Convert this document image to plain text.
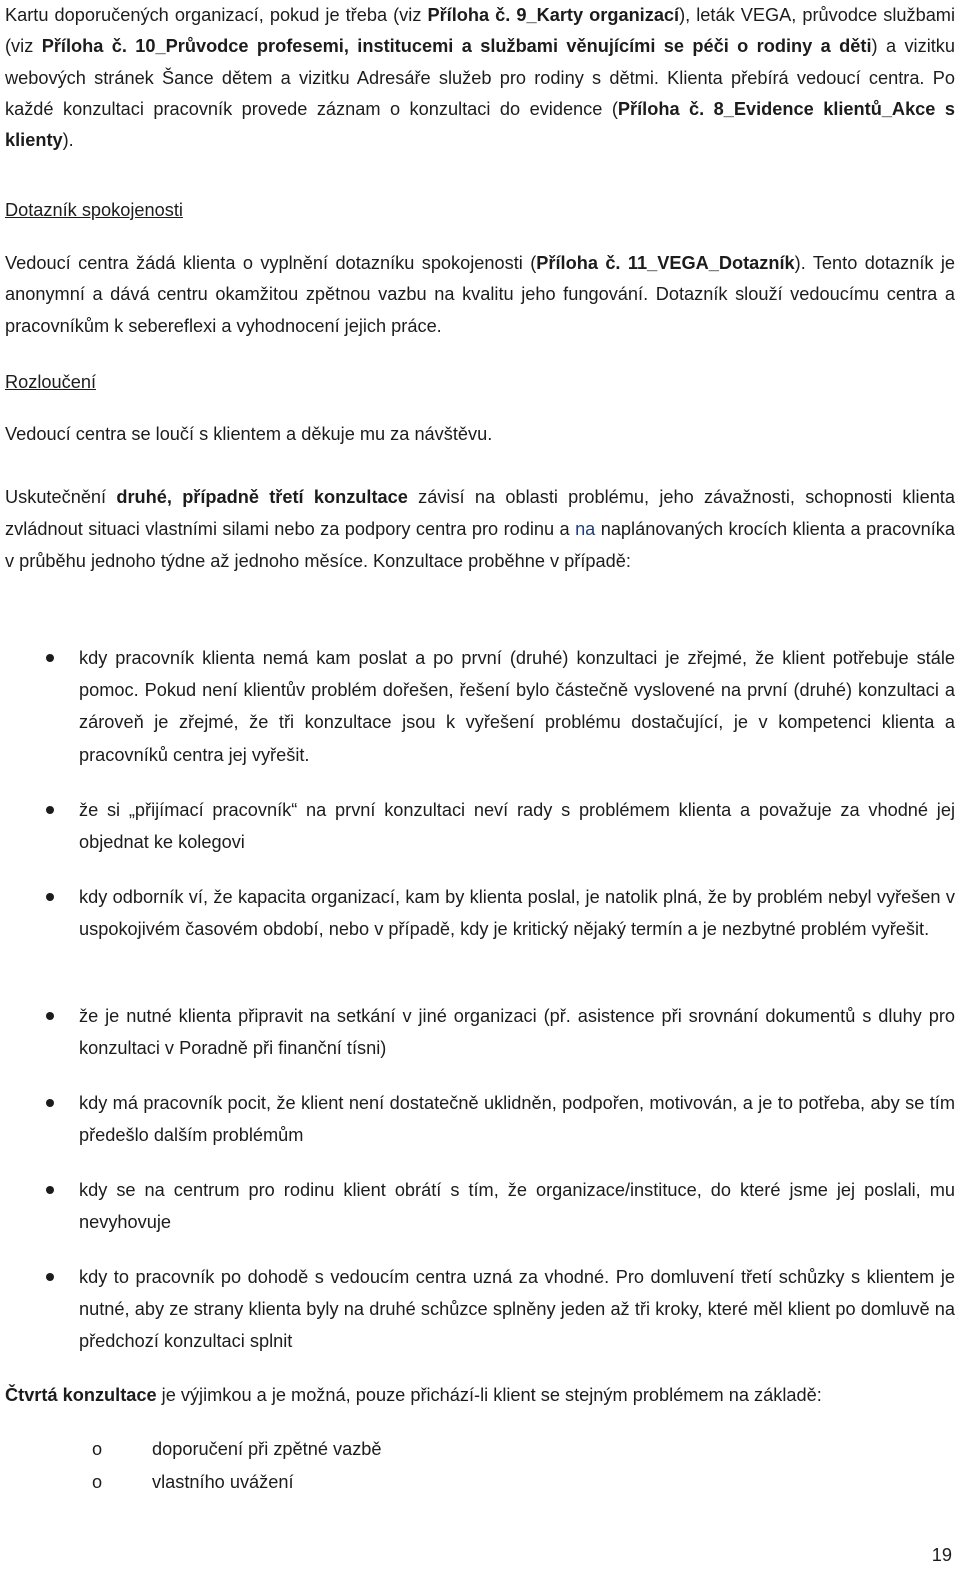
Kartu doporučených organizací, pokud je třeba (viz Příloha č. 9_Karty organizací), leták VEGA, průvodce službami (viz Příloha č. 10_Průvodce profesemi, institucemi a službami věnujícími se péči o rodiny a děti) a vizitku webových stránek Šance dětem a vizitku Adresáře služeb pro rodiny s dětmi. Klienta přebírá vedoucí centra. Po každé konzultaci pracovník provede záznam o konzultaci do evidence (Příloha č. 8_Evidence klientů_Akce s klienty).

Dotazník spokojenosti

Vedoucí centra žádá klienta o vyplnění dotazníku spokojenosti (Příloha č. 11_VEGA_Dotazník). Tento dotazník je anonymní a dává centru okamžitou zpětnou vazbu na kvalitu jeho fungování. Dotazník slouží vedoucímu centra a pracovníkům k sebereflexi a vyhodnocení jejich práce.

Rozloučení

Vedoucí centra se loučí s klientem a děkuje mu za návštěvu.

Uskutečnění druhé, případně třetí konzultace závisí na oblasti problému, jeho závažnosti, schopnosti klienta zvládnout situaci vlastními silami nebo za podpory centra pro rodinu a na naplánovaných krocích klienta a pracovníka v průběhu jednoho týdne až jednoho měsíce. Konzultace proběhne v případě:

kdy pracovník klienta nemá kam poslat a po první (druhé) konzultaci je zřejmé, že klient potřebuje stále pomoc. Pokud není klientův problém dořešen, řešení bylo částečně vyslovené na první (druhé) konzultaci a zároveň je zřejmé, že tři konzultace jsou k vyřešení problému dostačující, je v kompetenci klienta a pracovníků centra jej vyřešit.
že si „přijímací pracovník“ na první konzultaci neví rady s problémem klienta a považuje za vhodné jej objednat ke kolegovi
kdy odborník ví, že kapacita organizací, kam by klienta poslal, je natolik plná, že by problém nebyl vyřešen v uspokojivém časovém období, nebo v případě, kdy je kritický nějaký termín a je nezbytné problém vyřešit.
že je nutné klienta připravit na setkání v jiné organizaci (př. asistence při srovnání dokumentů s dluhy pro konzultaci v Poradně při finanční tísni)
kdy má pracovník pocit, že klient není dostatečně uklidněn, podpořen, motivován, a je to potřeba, aby se tím předešlo dalším problémům
kdy se na centrum pro rodinu klient obrátí s tím, že organizace/instituce, do které jsme jej poslali, mu nevyhovuje
kdy to pracovník po dohodě s vedoucím centra uzná za vhodné. Pro domluvení třetí schůzky s klientem je nutné, aby ze strany klienta byly na druhé schůzce splněny jeden až tři kroky, které měl klient po domluvě na předchozí konzultaci splnit

Čtvrtá konzultace je výjimkou a je možná, pouze přichází-li klient se stejným problémem na základě:

o	doporučení při zpětné vazbě
o	vlastního uvážení
19
